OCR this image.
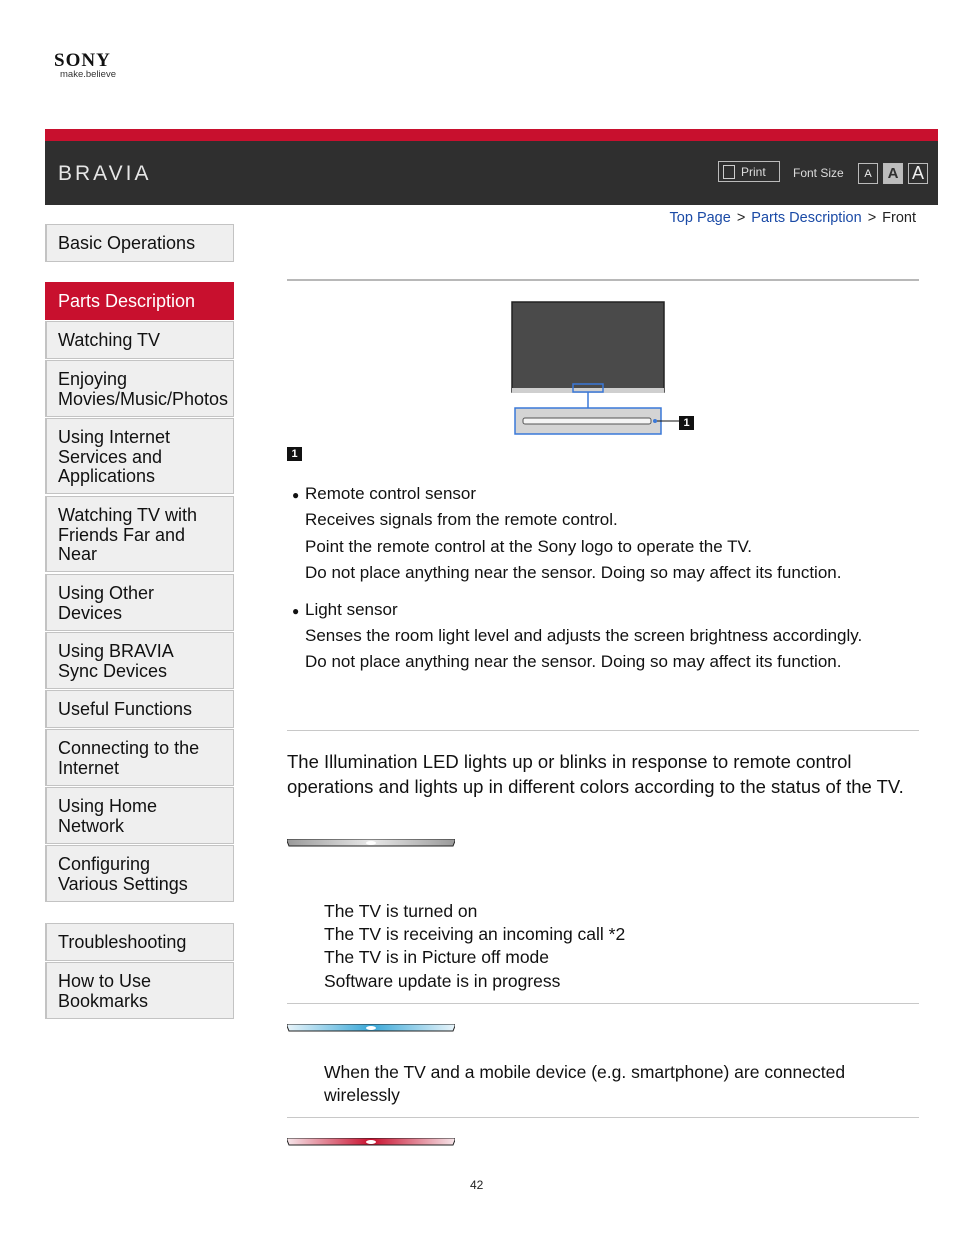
SONY
make.believe
BRAVIA	Print Font Size	A	A A
Top Page > Parts Description > Front
Basic Operations
Parts Description
Watching TV
Enjoying
Movies/Music/Photos
Using Internet
Services and
Applications
Watching TV with
Friends Far and
Near
Using Other
Devices
Using BRAVIA
Sync Devices
Useful Functions
Connecting to the
Internet
Using Home
Network
Configuring
Various Settings
Troubleshooting
How to Use
Bookmarks
1
1
● Remote control sensor
Receives signals from the remote control.
Point the remote control at the Sony logo to operate the TV.
Do not place anything near the sensor. Doing so may affect its function.
● Light sensor
Senses the room light level and adjusts the screen brightness accordingly.
Do not place anything near the sensor. Doing so may affect its function.
The Illumination LED lights up or blinks in response to remote control operations and lights up in different colors according to the status of the TV.
The TV is turned on
The TV is receiving an incoming call *2
The TV is in Picture off mode
Software update is in progress
When the TV and a mobile device (e.g. smartphone) are connected
wirelessly
42
